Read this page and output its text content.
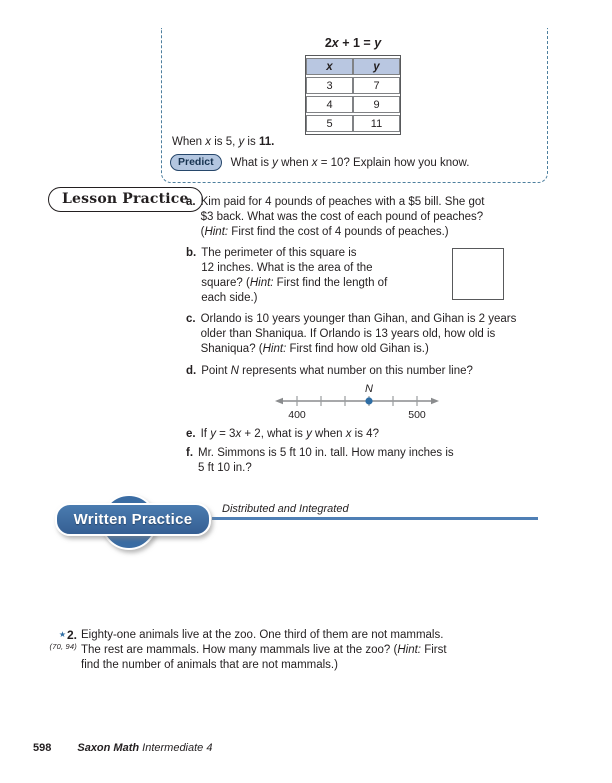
2x + 1 = y
x	y
3	7
4	9
5	11
When x is 5, y is 11.
Predict	What is y when x = 10? Explain how you know.
Lesson Practice
a. Kim paid for 4 pounds of peaches with a $5 bill. She got
$3 back. What was the cost of each pound of peaches?
(Hint: First find the cost of 4 pounds of peaches.)
b. The perimeter of this square is
12 inches. What is the area of the
square? (Hint: First find the length of
each side.)
c. Orlando is 10 years younger than Gihan, and Gihan is 2 years
older than Shaniqua. If Orlando is 13 years old, how old is
Shaniqua? (Hint: First find how old Gihan is.)
d. Point N represents what number on this number line?
N
400	500
e. If y = 3x + 2, what is y when x is 4?
f. Mr. Simmons is 5 ft 10 in. tall. How many inches is
5 ft 10 in.?
Written Practice
Distributed and Integrated
★2.
(70, 94)
Eighty-one animals live at the zoo. One third of them are not mammals.
The rest are mammals. How many mammals live at the zoo? (Hint: First
find the number of animals that are not mammals.)
598 Saxon Math Intermediate 4
